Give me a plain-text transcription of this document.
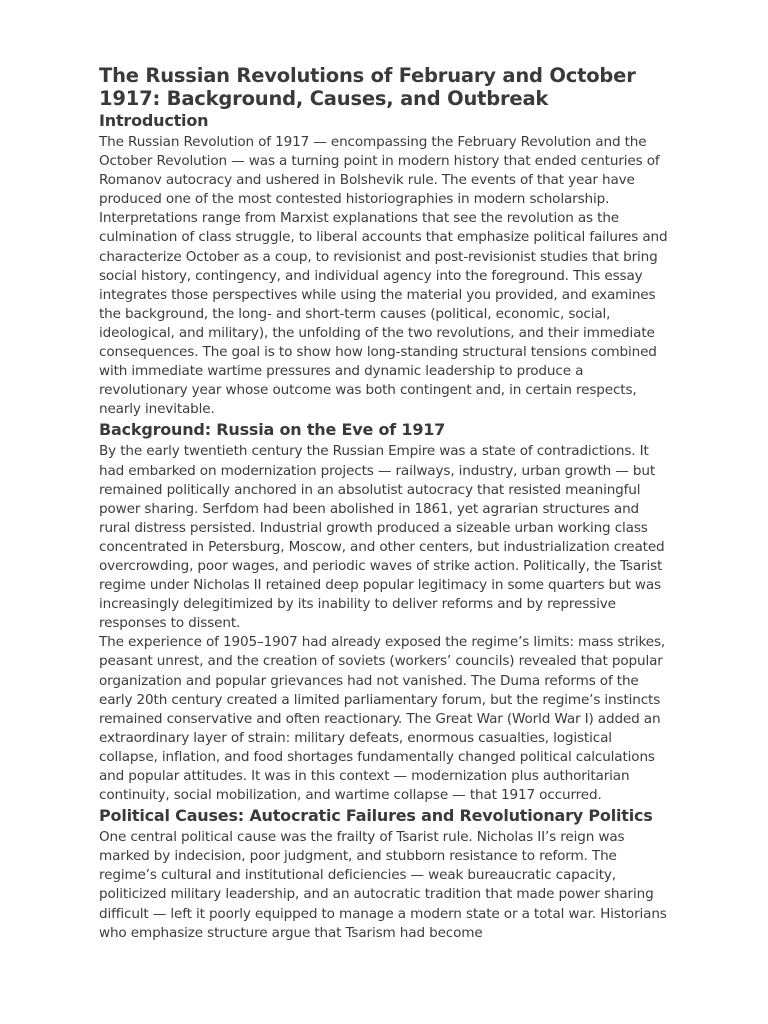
The Russian Revolutions of February and October 1917: Background, Causes, and Outbreak
Introduction

The Russian Revolution of 1917 — encompassing the February Revolution and the October Revolution — was a turning point in modern history that ended centuries of Romanov autocracy and ushered in Bolshevik rule. The events of that year have produced one of the most contested historiographies in modern scholarship. Interpretations range from Marxist explanations that see the revolution as the culmination of class struggle, to liberal accounts that emphasize political failures and characterize October as a coup, to revisionist and post-revisionist studies that bring social history, contingency, and individual agency into the foreground. This essay integrates those perspectives while using the material you provided, and examines the background, the long- and short-term causes (political, economic, social, ideological, and military), the unfolding of the two revolutions, and their immediate consequences. The goal is to show how long-standing structural tensions combined with immediate wartime pressures and dynamic leadership to produce a revolutionary year whose outcome was both contingent and, in certain respects, nearly inevitable.

Background: Russia on the Eve of 1917

By the early twentieth century the Russian Empire was a state of contradictions. It had embarked on modernization projects — railways, industry, urban growth — but remained politically anchored in an absolutist autocracy that resisted meaningful power sharing. Serfdom had been abolished in 1861, yet agrarian structures and rural distress persisted. Industrial growth produced a sizeable urban working class concentrated in Petersburg, Moscow, and other centers, but industrialization created overcrowding, poor wages, and periodic waves of strike action. Politically, the Tsarist regime under Nicholas II retained deep popular legitimacy in some quarters but was increasingly delegitimized by its inability to deliver reforms and by repressive responses to dissent.

The experience of 1905–1907 had already exposed the regime’s limits: mass strikes, peasant unrest, and the creation of soviets (workers’ councils) revealed that popular organization and popular grievances had not vanished. The Duma reforms of the early 20th century created a limited parliamentary forum, but the regime’s instincts remained conservative and often reactionary. The Great War (World War I) added an extraordinary layer of strain: military defeats, enormous casualties, logistical collapse, inflation, and food shortages fundamentally changed political calculations and popular attitudes. It was in this context — modernization plus authoritarian continuity, social mobilization, and wartime collapse — that 1917 occurred.

Political Causes: Autocratic Failures and Revolutionary Politics

One central political cause was the frailty of Tsarist rule. Nicholas II’s reign was marked by indecision, poor judgment, and stubborn resistance to reform. The regime’s cultural and institutional deficiencies — weak bureaucratic capacity, politicized military leadership, and an autocratic tradition that made power sharing difficult — left it poorly equipped to manage a modern state or a total war. Historians who emphasize structure argue that Tsarism had become
